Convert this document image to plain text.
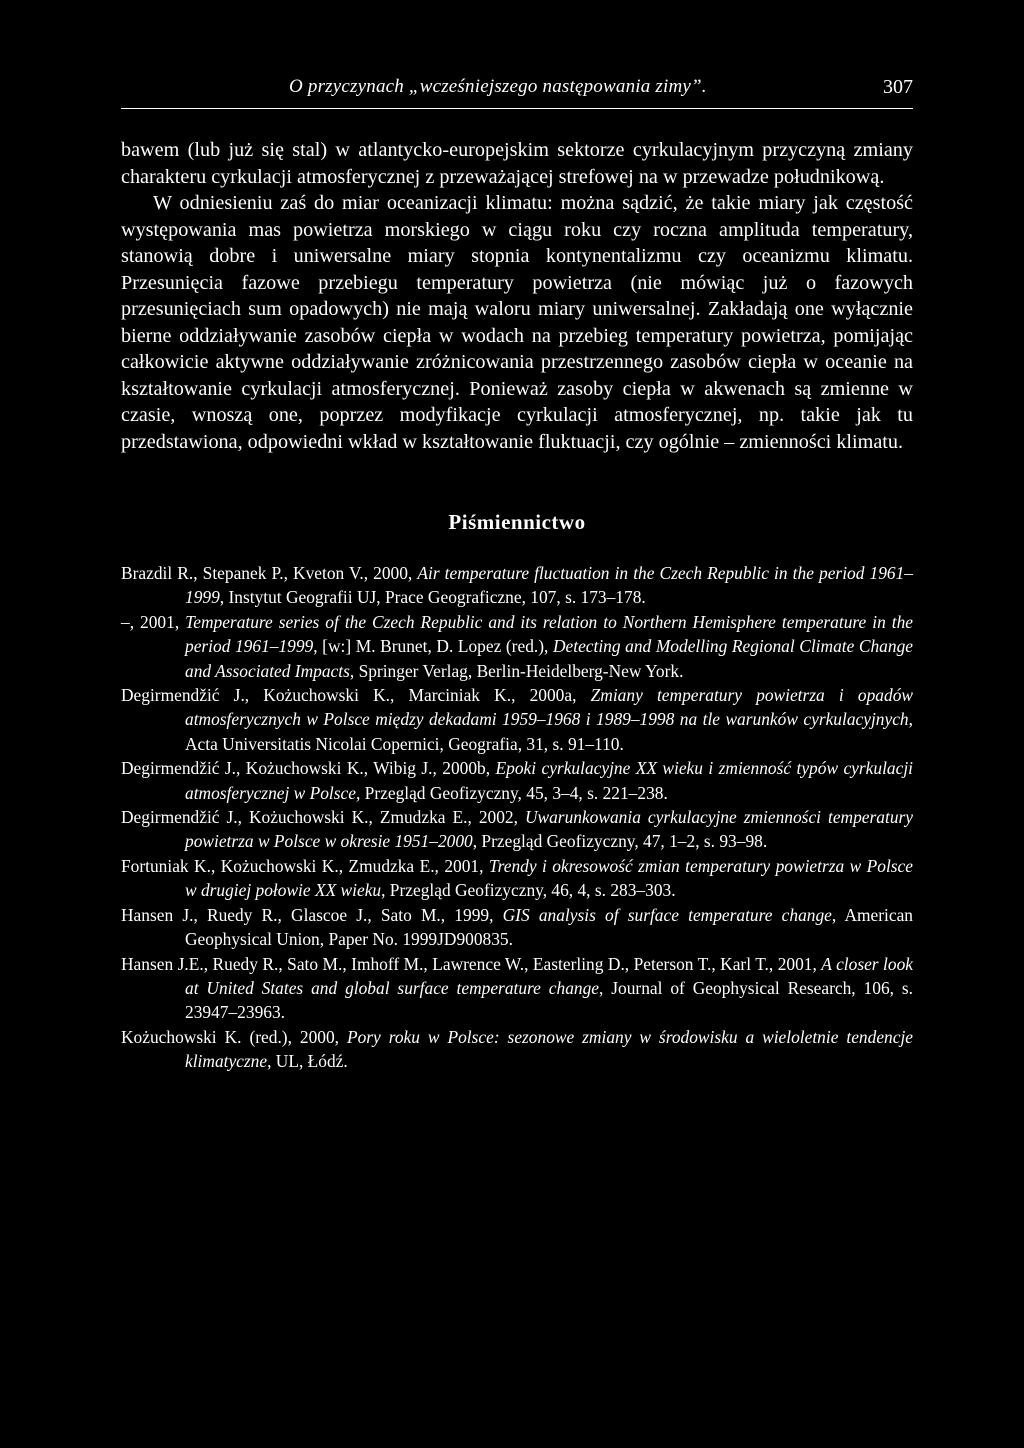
O przyczynach „wcześniejszego następowania zimy”.	307

bawem (lub już się stal) w atlantycko-europejskim sektorze cyrkulacyjnym przyczyną zmiany charakteru cyrkulacji atmosferycznej z przeważającej strefowej na w przewadze południkową.

W odniesieniu zaś do miar oceanizacji klimatu: można sądzić, że takie miary jak częstość występowania mas powietrza morskiego w ciągu roku czy roczna amplituda temperatury, stanowią dobre i uniwersalne miary stopnia kontynentalizmu czy oceanizmu klimatu. Przesunięcia fazowe przebiegu temperatury powietrza (nie mówiąc już o fazowych przesunięciach sum opadowych) nie mają waloru miary uniwersalnej. Zakładają one wyłącznie bierne oddziaływanie zasobów ciepła w wodach na przebieg temperatury powietrza, pomijając całkowicie aktywne oddziaływanie zróżnicowania przestrzennego zasobów ciepła w oceanie na kształtowanie cyrkulacji atmosferycznej. Ponieważ zasoby ciepła w akwenach są zmienne w czasie, wnoszą one, poprzez modyfikacje cyrkulacji atmosferycznej, np. takie jak tu przedstawiona, odpowiedni wkład w kształtowanie fluktuacji, czy ogólnie – zmienności klimatu.

Piśmiennictwo

Brazdil R., Stepanek P., Kveton V., 2000, Air temperature fluctuation in the Czech Republic in the period 1961–1999, Instytut Geografii UJ, Prace Geograficzne, 107, s. 173–178.

–, 2001, Temperature series of the Czech Republic and its relation to Northern Hemisphere temperature in the period 1961–1999, [w:] M. Brunet, D. Lopez (red.), Detecting and Modelling Regional Climate Change and Associated Impacts, Springer Verlag, Berlin-Heidelberg-New York.

Degirmendžić J., Kożuchowski K., Marciniak K., 2000a, Zmiany temperatury powietrza i opadów atmosferycznych w Polsce między dekadami 1959–1968 i 1989–1998 na tle warunków cyrkulacyjnych, Acta Universitatis Nicolai Copernici, Geografia, 31, s. 91–110.

Degirmendžić J., Kożuchowski K., Wibig J., 2000b, Epoki cyrkulacyjne XX wieku i zmienność typów cyrkulacji atmosferycznej w Polsce, Przegląd Geofizyczny, 45, 3–4, s. 221–238.

Degirmendžić J., Kożuchowski K., Zmudzka E., 2002, Uwarunkowania cyrkulacyjne zmienności temperatury powietrza w Polsce w okresie 1951–2000, Przegląd Geofizyczny, 47, 1–2, s. 93–98.

Fortuniak K., Kożuchowski K., Zmudzka E., 2001, Trendy i okresowość zmian temperatury powietrza w Polsce w drugiej połowie XX wieku, Przegląd Geofizyczny, 46, 4, s. 283–303.

Hansen J., Ruedy R., Glascoe J., Sato M., 1999, GIS analysis of surface temperature change, American Geophysical Union, Paper No. 1999JD900835.

Hansen J.E., Ruedy R., Sato M., Imhoff M., Lawrence W., Easterling D., Peterson T., Karl T., 2001, A closer look at United States and global surface temperature change, Journal of Geophysical Research, 106, s. 23947–23963.

Kożuchowski K. (red.), 2000, Pory roku w Polsce: sezonowe zmiany w środowisku a wieloletnie tendencje klimatyczne, UL, Łódź.
